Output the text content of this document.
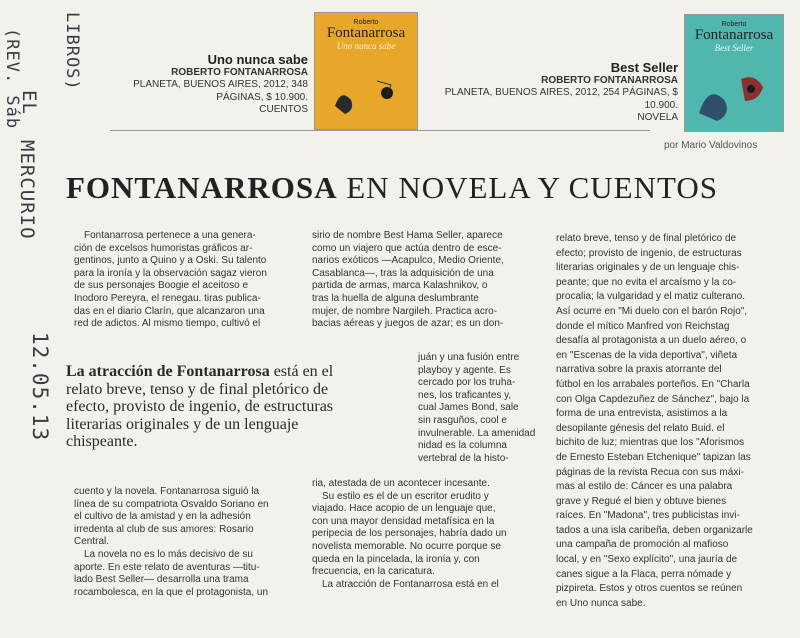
(REV. Sáb
EL
LIBROS)
MERCURIO
12.05.13
Uno nunca sabe
ROBERTO FONTANARROSA
PLANETA, BUENOS AIRES, 2012, 348
PÁGINAS, $ 10.900.
CUENTOS
Roberto
Fontanarrosa
Uno nunca sabe
Best Seller
ROBERTO FONTANARROSA
PLANETA, BUENOS AIRES, 2012, 254 PÁGINAS, $
10.900.
NOVELA
Roberto
Fontanarrosa
Best Seller
por Mario Valdovinos
FONTANARROSA EN NOVELA Y CUENTOS
Fontanarrosa pertenece a una genera-
ción de excelsos humoristas gráficos ar-
gentinos, junto a Quino y a Oski. Su talento
para la ironía y la observación sagaz vieron
de sus personajes Boogie el aceitoso e
Inodoro Pereyra, el renegau. tiras publica-
das en el diario Clarín, que alcanzaron una
red de adictos. Al mismo tiempo, cultivó el
La atracción de Fontanarrosa está en el
relato breve, tenso y de final pletórico de
efecto, provisto de ingenio, de estructuras
literarias originales y de un lenguaje
chispeante.
cuento y la novela. Fontanarrosa siguió la
línea de su compatriota Osvaldo Soriano en
el cultivo de la amistad y en la adhesión
irredenta al club de sus amores: Rosario
Central.
La novela no es lo más decisivo de su
aporte. En este relato de aventuras —titu-
lado Best Seller— desarrolla una trama
rocambolesca, en la que el protagonista, un
sirio de nombre Best Hama Seller, aparece
como un viajero que actúa dentro de esce-
narios exóticos —Acapulco, Medio Oriente,
Casablanca—, tras la adquisición de una
partida de armas, marca Kalashnikov, o
tras la huella de alguna deslumbrante
mujer, de nombre Nargileh. Practica acro-
bacias aéreas y juegos de azar; es un don-
juán y una fusión entre
playboy y agente. Es
cercado por los truha-
nes, los traficantes y,
cual James Bond, sale
sin rasguños, cool e
invulnerable. La amenidad
nidad es la columna
vertebral de la histo-
ria, atestada de un acontecer incesante.
Su estilo es el de un escritor erudito y
viajado. Hace acopio de un lenguaje que,
con una mayor densidad metafísica en la
peripecia de los personajes, habría dado un
novelista memorable. No ocurre porque se
queda en la pincelada, la ironía y, con
frecuencia, en la caricatura.
La atracción de Fontanarrosa está en el
relato breve, tenso y de final pletórico de
efecto; provisto de ingenio, de estructuras
literarias originales y de un lenguaje chis-
peante; que no evita el arcaísmo y la co-
procalia; la vulgaridad y el matiz culterano.
Así ocurre en "Mi duelo con el barón Rojo",
donde el mítico Manfred von Reichstag
desafía al protagonista a un duelo aéreo, o
en "Escenas de la vida deportiva", viñeta
narrativa sobre la praxis atorrante del
fútbol en los arrabales porteños. En "Charla
con Olga Capdezuñez de Sánchez", bajo la
forma de una entrevista, asistimos a la
desopilante génesis del relato Buid. el
bichito de luz; mientras que los "Aforismos
de Ernesto Esteban Etchenique" tapizan las
páginas de la revista Recua con sus máxi-
mas al estilo de: Cáncer es una palabra
grave y Regué el bien y obtuve bienes
raíces. En "Madona", tres publicistas invi-
tados a una isla caribeña, deben organizarle
una campaña de promoción al mafioso
local, y en "Sexo explícito", una jauría de
canes sigue a la Flaca, perra nómade y
pizpireta. Estos y otros cuentos se reúnen
en Uno nunca sabe.
